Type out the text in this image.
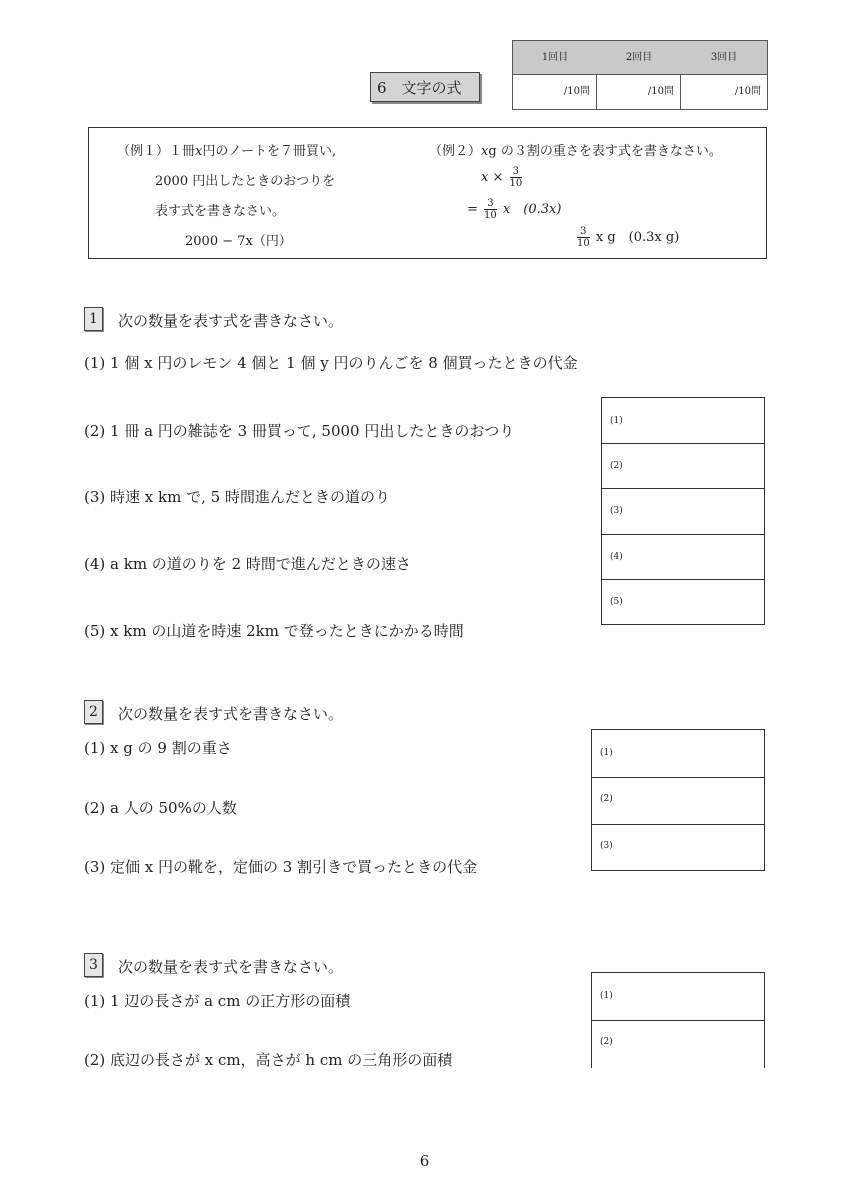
1回目	2回目	3回目
/10問	/10問	/10問
6　文字の式
（例１）１冊x円のノートを７冊買い,
2000 円出したときのおつりを
表す式を書きなさい。
2000 − 7x（円）
（例２）xg の３割の重さを表す式を書きなさい。
$x \times \frac{3}{10}$
= $\frac{3}{10}$ x　(0.3x)
$\frac{3}{10}$ x g　(0.3x g)
1	次の数量を表す式を書きなさい。
(1) 1 個 x 円のレモン 4 個と 1 個 y 円のりんごを 8 個買ったときの代金
(2) 1 冊 a 円の雑誌を 3 冊買って, 5000 円出したときのおつり
(3) 時速 x km で, 5 時間進んだときの道のり
(4) a km の道のりを 2 時間で進んだときの速さ
(5) x km の山道を時速 2km で登ったときにかかる時間
(1)
(2)
(3)
(4)
(5)
2	次の数量を表す式を書きなさい。
(1) x g の 9 割の重さ
(2) a 人の 50%の人数
(3) 定価 x 円の靴を，定価の 3 割引きで買ったときの代金
(1)
(2)
(3)
3	次の数量を表す式を書きなさい。
(1) 1 辺の長さが a cm の正方形の面積
(2) 底辺の長さが x cm，高さが h cm の三角形の面積
(1)
(2)
6
